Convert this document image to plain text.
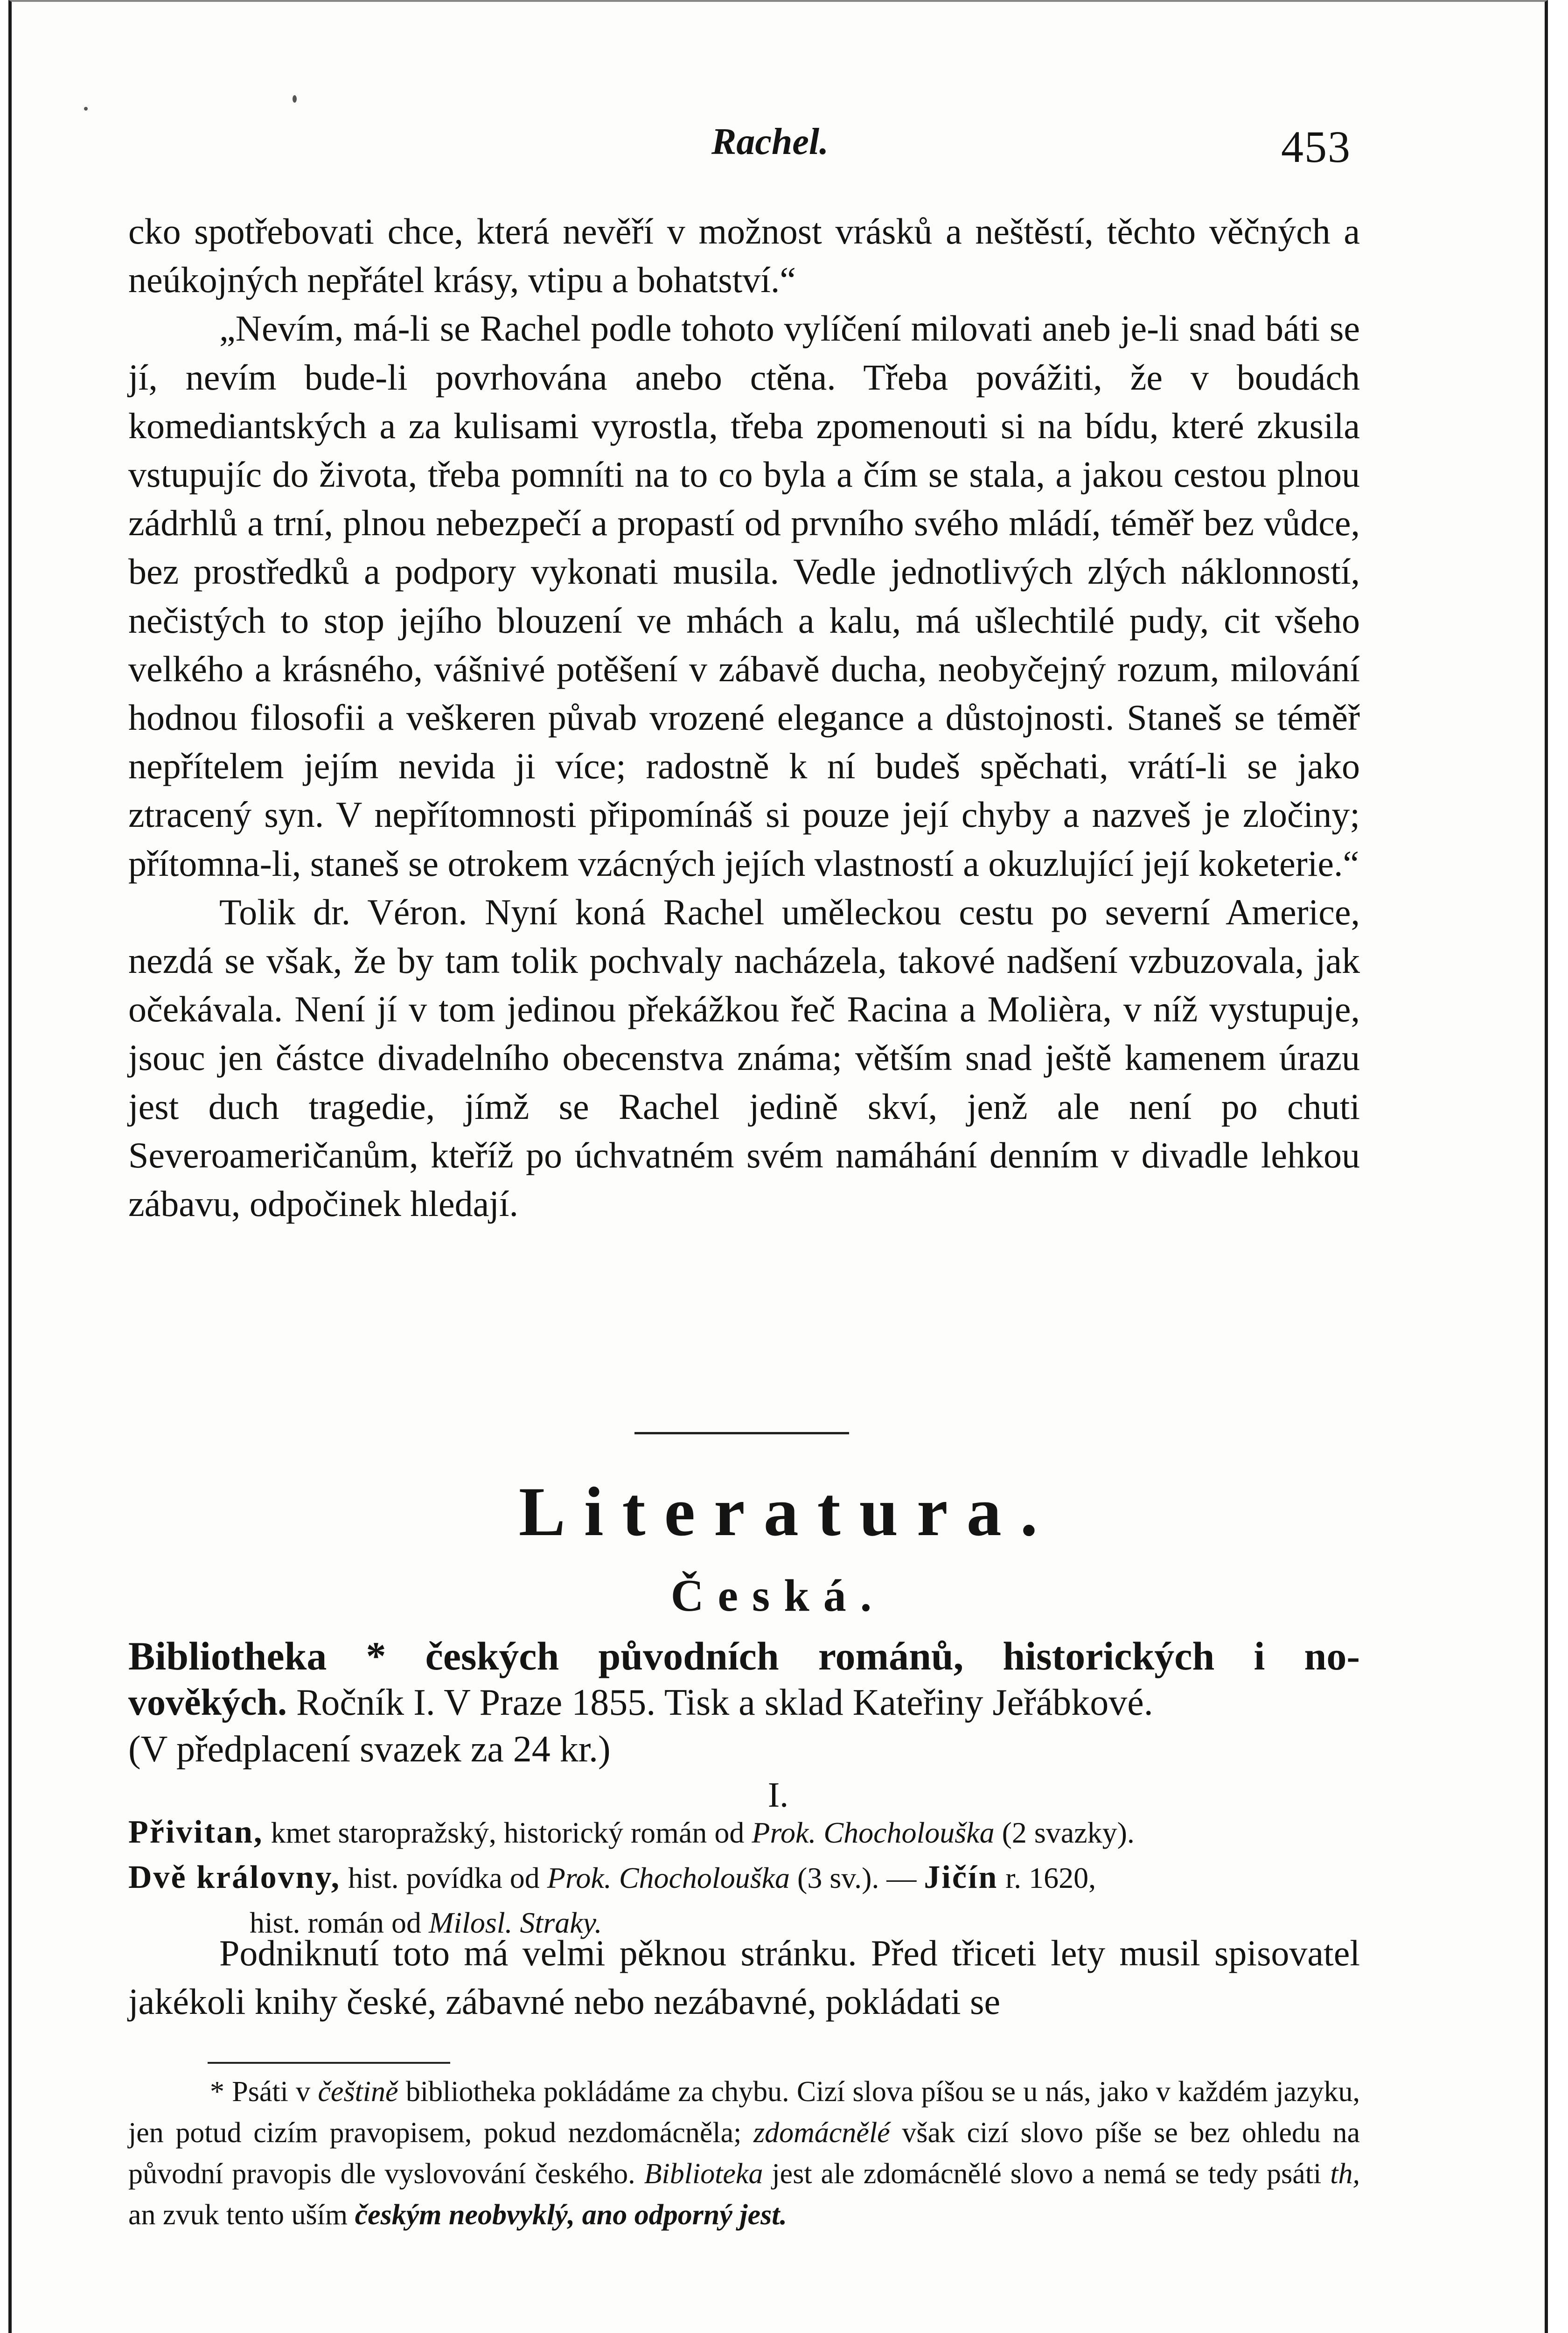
Rachel.	453

cko spotřebovati chce, která nevěří v možnost vrásků a neštěstí, těchto věčných a neúkojných nepřátel krásy, vtipu a bohatství.“

„Nevím, má-li se Rachel podle tohoto vylíčení milovati aneb je-li snad báti se jí, nevím bude-li povrhována anebo ctěna. Třeba povážiti, že v boudách komediantských a za kulisami vyrostla, třeba zpomenouti si na bídu, které zkusila vstupujíc do života, třeba pomníti na to co byla a čím se stala, a jakou cestou plnou zádrhlů a trní, plnou nebezpečí a propastí od prvního svého mládí, téměř bez vůdce, bez prostředků a podpory vykonati musila. Vedle jednotlivých zlých náklonností, nečistých to stop jejího blouzení ve mhách a kalu, má ušlechtilé pudy, cit všeho velkého a krásného, vášnivé potěšení v zábavě ducha, neobyčejný rozum, milování hodnou filosofii a veškeren půvab vrozené elegance a důstojnosti. Staneš se téměř nepřítelem jejím nevida ji více; radostně k ní budeš spěchati, vrátí-li se jako ztracený syn. V nepřítomnosti připomínáš si pouze její chyby a nazveš je zločiny; přítomna-li, staneš se otrokem vzácných jejích vlastností a okuzlující její koketerie.“

Tolik dr. Véron. Nyní koná Rachel uměleckou cestu po severní Americe, nezdá se však, že by tam tolik pochvaly nacházela, takové nadšení vzbuzovala, jak očekávala. Není jí v tom jedinou překážkou řeč Racina a Molièra, v níž vystupuje, jsouc jen částce divadelního obecenstva známa; větším snad ještě kamenem úrazu jest duch tragedie, jímž se Rachel jedině skví, jenž ale není po chuti Severoameričanům, kteříž po úchvatném svém namáhání denním v divadle lehkou zábavu, odpočinek hledají.

Literatura.
Česká.
Bibliotheka * českých původních románů, historických i no-
vověkých. Ročník I. V Praze 1855. Tisk a sklad Kateřiny Jeřábkové.
(V předplacení svazek za 24 kr.)
I.
Přivitan, kmet staropražský, historický román od Prok. Chocholouška (2 svazky).
Dvě královny, hist. povídka od Prok. Chocholouška (3 sv.). — Jičín r. 1620,
hist. román od Milosl. Straky.

Podniknutí toto má velmi pěknou stránku. Před třiceti lety musil spisovatel jakékoli knihy české, zábavné nebo nezábavné, pokládati se

* Psáti v češtině bibliotheka pokládáme za chybu. Cizí slova píšou se u nás, jako v každém jazyku, jen potud cizím pravopisem, pokud nezdomácněla; zdomácnělé však cizí slovo píše se bez ohledu na původní pravopis dle vyslovování českého. Biblioteka jest ale zdomácnělé slovo a nemá se tedy psáti th, an zvuk tento uším českým neobvyklý, ano odporný jest.
